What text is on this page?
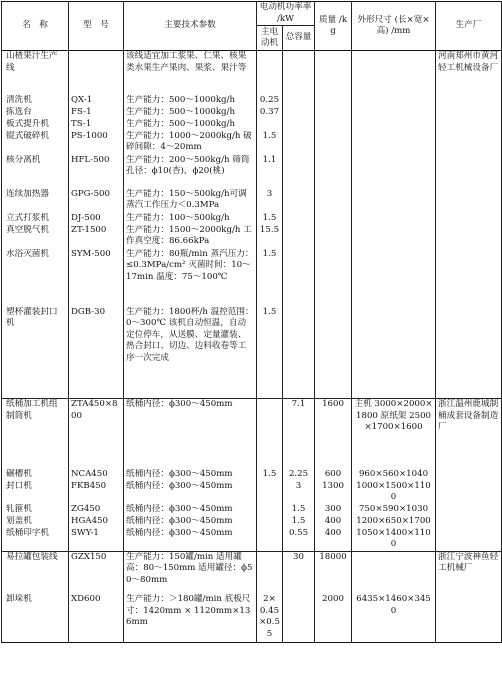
名　称	型　号	主要技术参数	电动机功率率 /kW		质量 /kg	外形尺寸 (长×宽×高) /mm	生产厂
			主电动机	总容量			
山楂果汁生产线		该线适宜加工浆果、仁果、核果类水果生产果肉、果浆、果汁等					河南郑州市黄河轻工机械设备厂
清洗机	QX-1	生产能力：500～1000kg/h	0.25				
拣选台	FS-1	生产能力：500～1000kg/h	0.37				
板式提升机	TS-1	生产能力：500～1000kg/h					
锟式破碎机	PS-1000	生产能力：1000～2000kg/h 破碎间隙：4～20mm	1.5				
核分离机	HFL-500	生产能力：200～500kg/h 筛筒孔径：ϕ10(杏)，ϕ20(桃)	1.1				
连续加热器	GPG-500	生产能力：150～500kg/h可调 蒸汽工作压力＜0.3MPa	3				
立式打浆机	DJ-500	生产能力：100～500kg/h	1.5				
真空脱气机	ZT-1500	生产能力：1500～2000kg/h 工作真空度：86.66kPa	15.5				
水浴灭菌机	SYM-500	生产能力：80瓶/min 蒸汽压力：≤0.3MPa/cm² 灭菌时间：10～17min 温度：75～100℃	1.5				
塑杯灌装封口机	DGB-30	生产能力：1800杯/h 温控范围：0～300℃ 该机自动恒温，自动定位停车，从送膜、定量灌装、热合封口、切边、边料收卷等工序一次完成	1.5				
纸桶加工机组 制筒机	ZTA450×800	纸桶内径：ϕ300～450mm		7.1	1600	主机 3000×2000×1800 原纸架 2500×1700×1600	浙江温州鹿城制桶成套设备制造厂
碾槽机	NCA450	纸桶内径：ϕ300～450mm	1.5	2.25	600	960×560×1040	
封口机	FKB450	纸桶内径：ϕ300～450mm		3	1300	1000×1500×1100	
轧箍机	ZG450	纸桶内径：ϕ300～450mm		1.5	300	750×590×1030	
划盖机	HGA450	纸桶内径：ϕ300～450mm		1.5	400	1200×650×1700	
纸桶印字机	SWY-1	纸桶内径：ϕ300～450mm		0.55	400	1050×1400×1100	
易拉罐包装线	GZX150	生产能力：150罐/min 适用罐高：80～150mm 适用罐径：ϕ50～80mm		30	18000		浙江宁波神鱼轻工机械厂
卸垛机	XD600	生产能力：＞180罐/min 底板尺寸：1420mm × 1120mm×136mm	2× 0.45 ×0.55		2000	6435×1460×3450	
